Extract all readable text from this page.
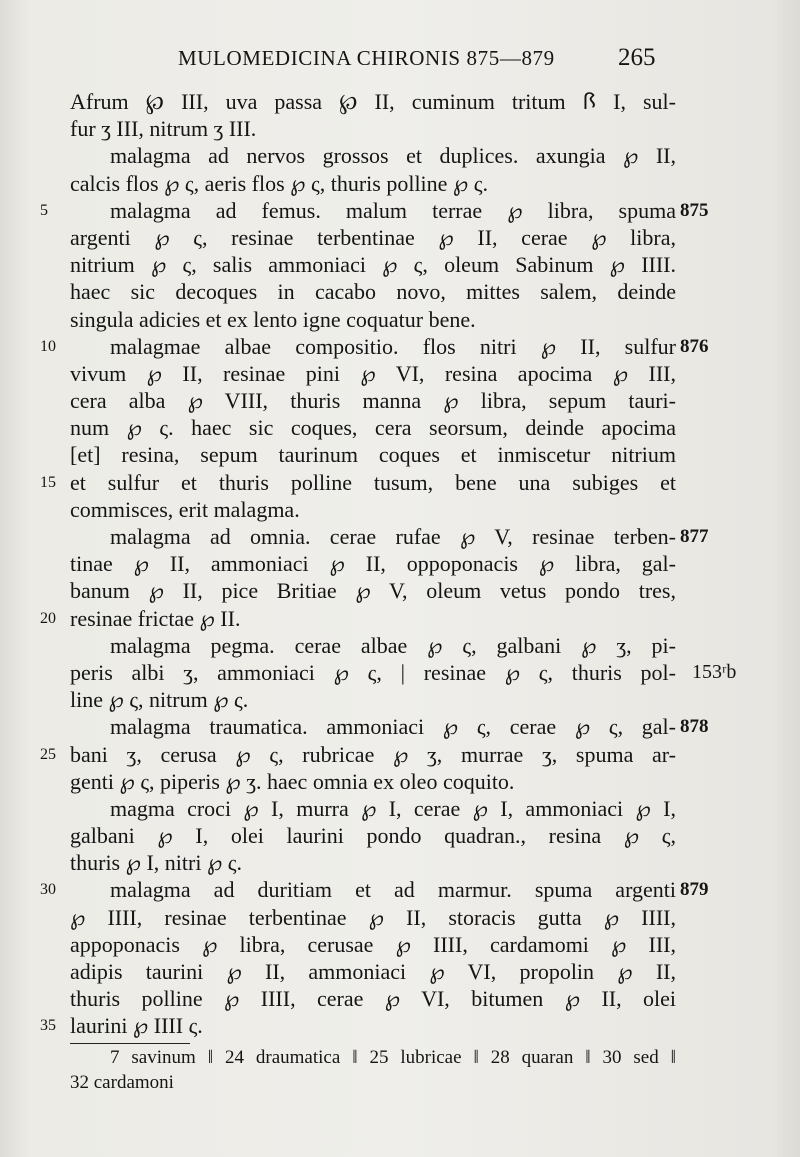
MULOMEDICINA CHIRONIS 875—879	265
Afrum ℘ III, uva passa ℘ II, cuminum tritum ꟗ I, sul-
fur ʒ III, nitrum ʒ III.
malagma ad nervos grossos et duplices. axungia ℘ II,
calcis flos ℘ ς, aeris flos ℘ ς, thuris polline ℘ ς.
5	malagma ad femus. malum terrae ℘ libra, spuma 875
argenti ℘ ς, resinae terbentinae ℘ II, cerae ℘ libra,
nitrium ℘ ς, salis ammoniaci ℘ ς, oleum Sabinum ℘ IIII.
haec sic decoques in cacabo novo, mittes salem, deinde
singula adicies et ex lento igne coquatur bene.
10	malagmae albae compositio. flos nitri ℘ II, sulfur 876
vivum ℘ II, resinae pini ℘ VI, resina apocima ℘ III,
cera alba ℘ VIII, thuris manna ℘ libra, sepum tauri-
num ℘ ς. haec sic coques, cera seorsum, deinde apocima
[et] resina, sepum taurinum coques et inmiscetur nitrium
15 et sulfur et thuris polline tusum, bene una subiges et
commisces, erit malagma.
malagma ad omnia. cerae rufae ℘ V, resinae terben- 877
tinae ℘ II, ammoniaci ℘ II, oppoponacis ℘ libra, gal-
banum ℘ II, pice Britiae ℘ V, oleum vetus pondo tres,
20 resinae frictae ℘ II.
malagma pegma. cerae albae ℘ ς, galbani ℘ ʒ, pi-
peris albi ʒ, ammoniaci ℘ ς, | resinae ℘ ς, thuris pol- 153ʳb
line ℘ ς, nitrum ℘ ς.
malagma traumatica. ammoniaci ℘ ς, cerae ℘ ς, gal- 878
25 bani ʒ, cerusa ℘ ς, rubricae ℘ ʒ, murrae ʒ, spuma ar-
genti ℘ ς, piperis ℘ ʒ. haec omnia ex oleo coquito.
magma croci ℘ I, murra ℘ I, cerae ℘ I, ammoniaci ℘ I,
galbani ℘ I, olei laurini pondo quadran., resina ℘ ς,
thuris ℘ I, nitri ℘ ς.
30	malagma ad duritiam et ad marmur. spuma argenti 879
℘ IIII, resinae terbentinae ℘ II, storacis gutta ℘ IIII,
appoponacis ℘ libra, cerusae ℘ IIII, cardamomi ℘ III,
adipis taurini ℘ II, ammoniaci ℘ VI, propolin ℘ II,
thuris polline ℘ IIII, cerae ℘ VI, bitumen ℘ II, olei
35 laurini ℘ IIII ς.
7 savinum ‖ 24 draumatica ‖ 25 lubricae ‖ 28 quaran ‖ 30 sed ‖
32 cardamoni
